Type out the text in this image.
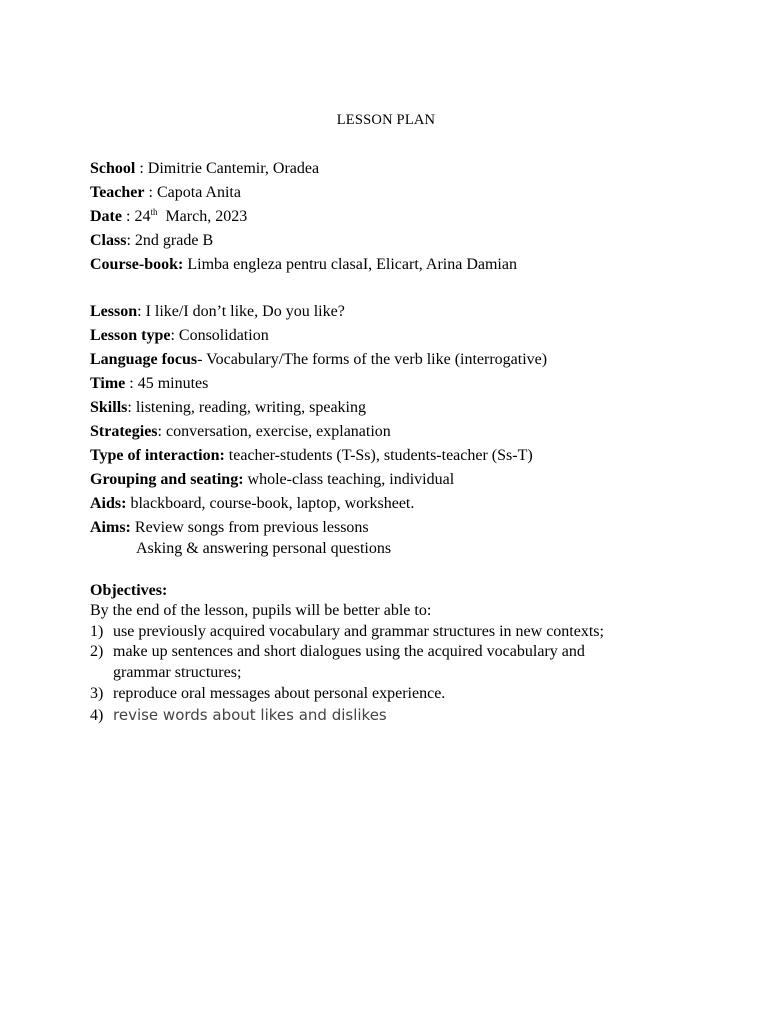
LESSON PLAN
School : Dimitrie Cantemir, Oradea
Teacher : Capota Anita
Date : 24th  March, 2023
Class: 2nd grade B
Course-book: Limba engleza pentru clasaI, Elicart, Arina Damian
Lesson: I like/I don’t like, Do you like?
Lesson type: Consolidation
Language focus- Vocabulary/The forms of the verb like (interrogative)
Time : 45 minutes
Skills: listening, reading, writing, speaking
Strategies: conversation, exercise, explanation
Type of interaction: teacher-students (T-Ss), students-teacher (Ss-T)
Grouping and seating: whole-class teaching, individual
Aids: blackboard, course-book, laptop, worksheet.
Aims: Review songs from previous lessons
Asking & answering personal questions
Objectives:
By the end of the lesson, pupils will be better able to:
1) use previously acquired vocabulary and grammar structures in new contexts;
2) make up sentences and short dialogues using the acquired vocabulary and
grammar structures;
3) reproduce oral messages about personal experience.
4) revise words about likes and dislikes
